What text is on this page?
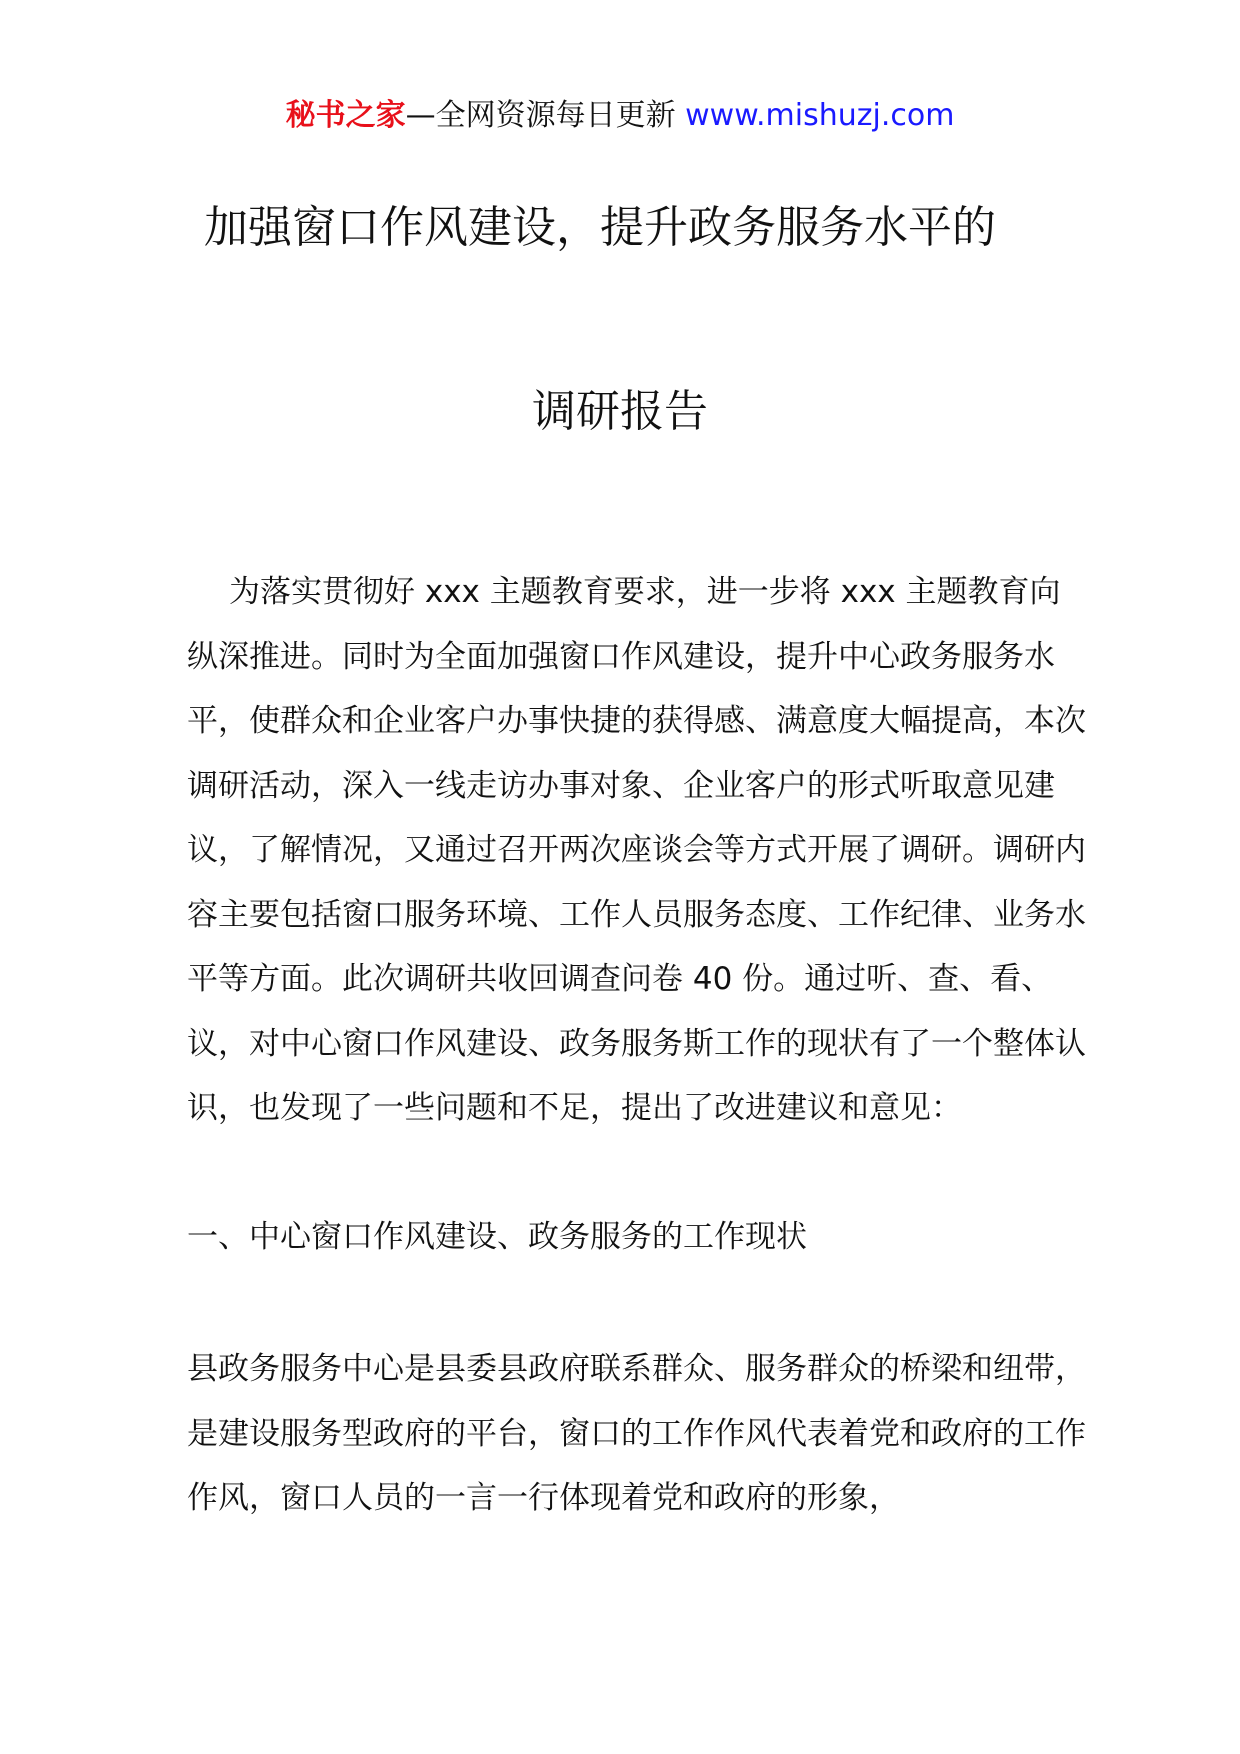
秘书之家—全网资源每日更新 www.mishuzj.com
加强窗口作风建设，提升政务服务水平的
调研报告
为落实贯彻好 xxx 主题教育要求，进一步将 xxx 主题教育向纵深推进。同时为全面加强窗口作风建设，提升中心政务服务水平，使群众和企业客户办事快捷的获得感、满意度大幅提高，本次调研活动，深入一线走访办事对象、企业客户的形式听取意见建议，了解情况，又通过召开两次座谈会等方式开展了调研。调研内容主要包括窗口服务环境、工作人员服务态度、工作纪律、业务水平等方面。此次调研共收回调查问卷 40 份。通过听、查、看、议，对中心窗口作风建设、政务服务斯工作的现状有了一个整体认识，也发现了一些问题和不足，提出了改进建议和意见：
一、中心窗口作风建设、政务服务的工作现状
县政务服务中心是县委县政府联系群众、服务群众的桥梁和纽带，是建设服务型政府的平台，窗口的工作作风代表着党和政府的工作作风，窗口人员的一言一行体现着党和政府的形象，
